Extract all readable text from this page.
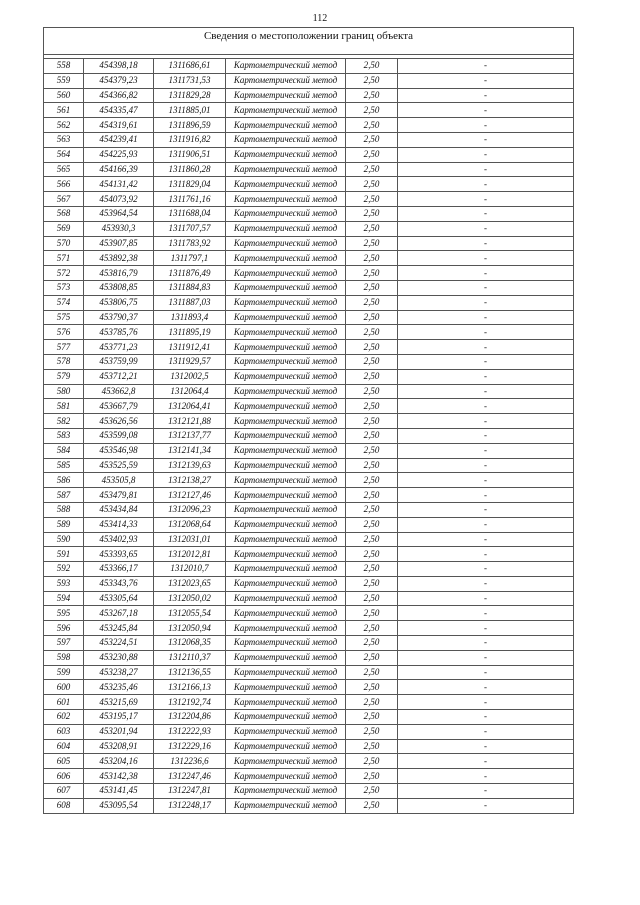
112
Сведения о местоположении границ объекта					

558	454398,18	1311686,61	Картометрический метод	2,50	-
559	454379,23	1311731,53	Картометрический метод	2,50	-
560	454366,82	1311829,28	Картометрический метод	2,50	-
561	454335,47	1311885,01	Картометрический метод	2,50	-
562	454319,61	1311896,59	Картометрический метод	2,50	-
563	454239,41	1311916,82	Картометрический метод	2,50	-
564	454225,93	1311906,51	Картометрический метод	2,50	-
565	454166,39	1311860,28	Картометрический метод	2,50	-
566	454131,42	1311829,04	Картометрический метод	2,50	-
567	454073,92	1311761,16	Картометрический метод	2,50	-
568	453964,54	1311688,04	Картометрический метод	2,50	-
569	453930,3	1311707,57	Картометрический метод	2,50	-
570	453907,85	1311783,92	Картометрический метод	2,50	-
571	453892,38	1311797,1	Картометрический метод	2,50	-
572	453816,79	1311876,49	Картометрический метод	2,50	-
573	453808,85	1311884,83	Картометрический метод	2,50	-
574	453806,75	1311887,03	Картометрический метод	2,50	-
575	453790,37	1311893,4	Картометрический метод	2,50	-
576	453785,76	1311895,19	Картометрический метод	2,50	-
577	453771,23	1311912,41	Картометрический метод	2,50	-
578	453759,99	1311929,57	Картометрический метод	2,50	-
579	453712,21	1312002,5	Картометрический метод	2,50	-
580	453662,8	1312064,4	Картометрический метод	2,50	-
581	453667,79	1312064,41	Картометрический метод	2,50	-
582	453626,56	1312121,88	Картометрический метод	2,50	-
583	453599,08	1312137,77	Картометрический метод	2,50	-
584	453546,98	1312141,34	Картометрический метод	2,50	-
585	453525,59	1312139,63	Картометрический метод	2,50	-
586	453505,8	1312138,27	Картометрический метод	2,50	-
587	453479,81	1312127,46	Картометрический метод	2,50	-
588	453434,84	1312096,23	Картометрический метод	2,50	-
589	453414,33	1312068,64	Картометрический метод	2,50	-
590	453402,93	1312031,01	Картометрический метод	2,50	-
591	453393,65	1312012,81	Картометрический метод	2,50	-
592	453366,17	1312010,7	Картометрический метод	2,50	-
593	453343,76	1312023,65	Картометрический метод	2,50	-
594	453305,64	1312050,02	Картометрический метод	2,50	-
595	453267,18	1312055,54	Картометрический метод	2,50	-
596	453245,84	1312050,94	Картометрический метод	2,50	-
597	453224,51	1312068,35	Картометрический метод	2,50	-
598	453230,88	1312110,37	Картометрический метод	2,50	-
599	453238,27	1312136,55	Картометрический метод	2,50	-
600	453235,46	1312166,13	Картометрический метод	2,50	-
601	453215,69	1312192,74	Картометрический метод	2,50	-
602	453195,17	1312204,86	Картометрический метод	2,50	-
603	453201,94	1312222,93	Картометрический метод	2,50	-
604	453208,91	1312229,16	Картометрический метод	2,50	-
605	453204,16	1312236,6	Картометрический метод	2,50	-
606	453142,38	1312247,46	Картометрический метод	2,50	-
607	453141,45	1312247,81	Картометрический метод	2,50	-
608	453095,54	1312248,17	Картометрический метод	2,50	-
